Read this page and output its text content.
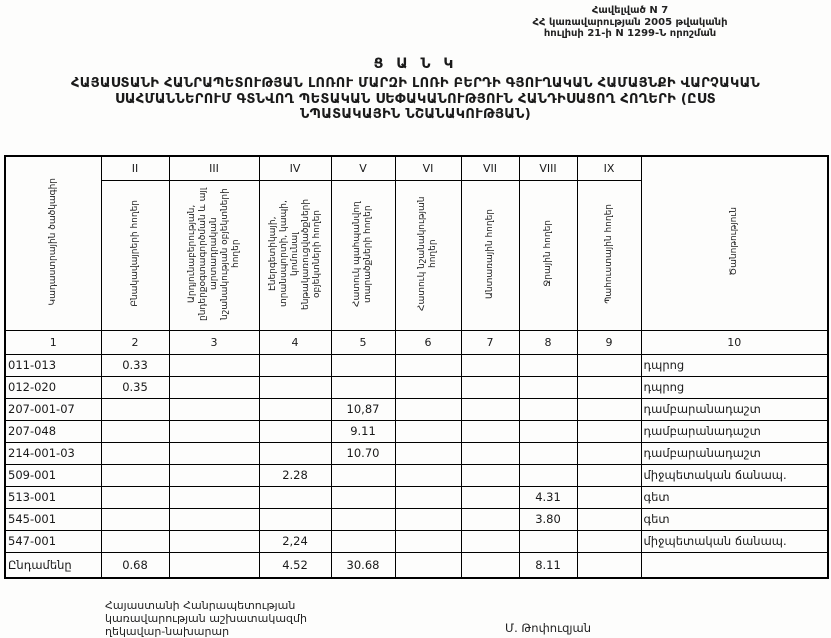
Հավելված N 7
ՀՀ կառավարության 2005 թվականի
հուլիսի 21-ի N 1299-Ն որոշման
Ց Ա Ն Կ
ՀԱՅԱՍՏԱՆԻ ՀԱՆՐԱՊԵՏՈՒԹՅԱՆ ԼՈՌՈՒ ՄԱՐԶԻ ԼՈՌԻ ԲԵՐԴԻ ԳՅՈՒՂԱԿԱՆ ՀԱՄԱՅՆՔԻ ՎԱՐՉԱԿԱՆ
ՍԱՀՄԱՆՆԵՐՈՒՄ ԳՏՆՎՈՂ ՊԵՏԱԿԱՆ ՍԵՓԱԿԱՆՈՒԹՅՈՒՆ ՀԱՆԴԻՍԱՑՈՂ ՀՈՂԵՐԻ (ԸՍՏ
ՆՊԱՏԱԿԱՅԻՆ ՆՇԱՆԱԿՈՒԹՅԱՆ)
Կադաստրային ծածկագիր	II	III	IV	V	VI	VII	VIII	IX	Ծանոթություն
	Բնակավայրերի հողեր	Արդյունաբերության, ընդերքօգտագործման և այլ արտադրական նշանակության օբյեկտների հողեր	Էներգետիկայի, տրանսպորտի, կապի, կոմունալ ենթակառուցվածքների օբյեկտների հողեր	Հատուկ պահպանվող տարածքների հողեր	Հատուկ նշանակության հողեր	Անտառային հողեր	Ջրային հողեր	Պահուստային հողեր	
1	2	3	4	5	6	7	8	9	10
011-013	0.33								դպրոց
012-020	0.35								դպրոց
207-001-07				10,87					դամբարանադաշտ
207-048				9.11					դամբարանադաշտ
214-001-03				10.70					դամբարանադաշտ
509-001			2.28						միջպետական ճանապ.
513-001							4.31		գետ
545-001							3.80		գետ
547-001			2,24						միջպետական ճանապ.
Ընդամենը	0.68		4.52	30.68			8.11		
Հայաստանի Հանրապետության
կառավարության աշխատակազմի
ղեկավար-նախարար	Մ. Թոփուզյան
